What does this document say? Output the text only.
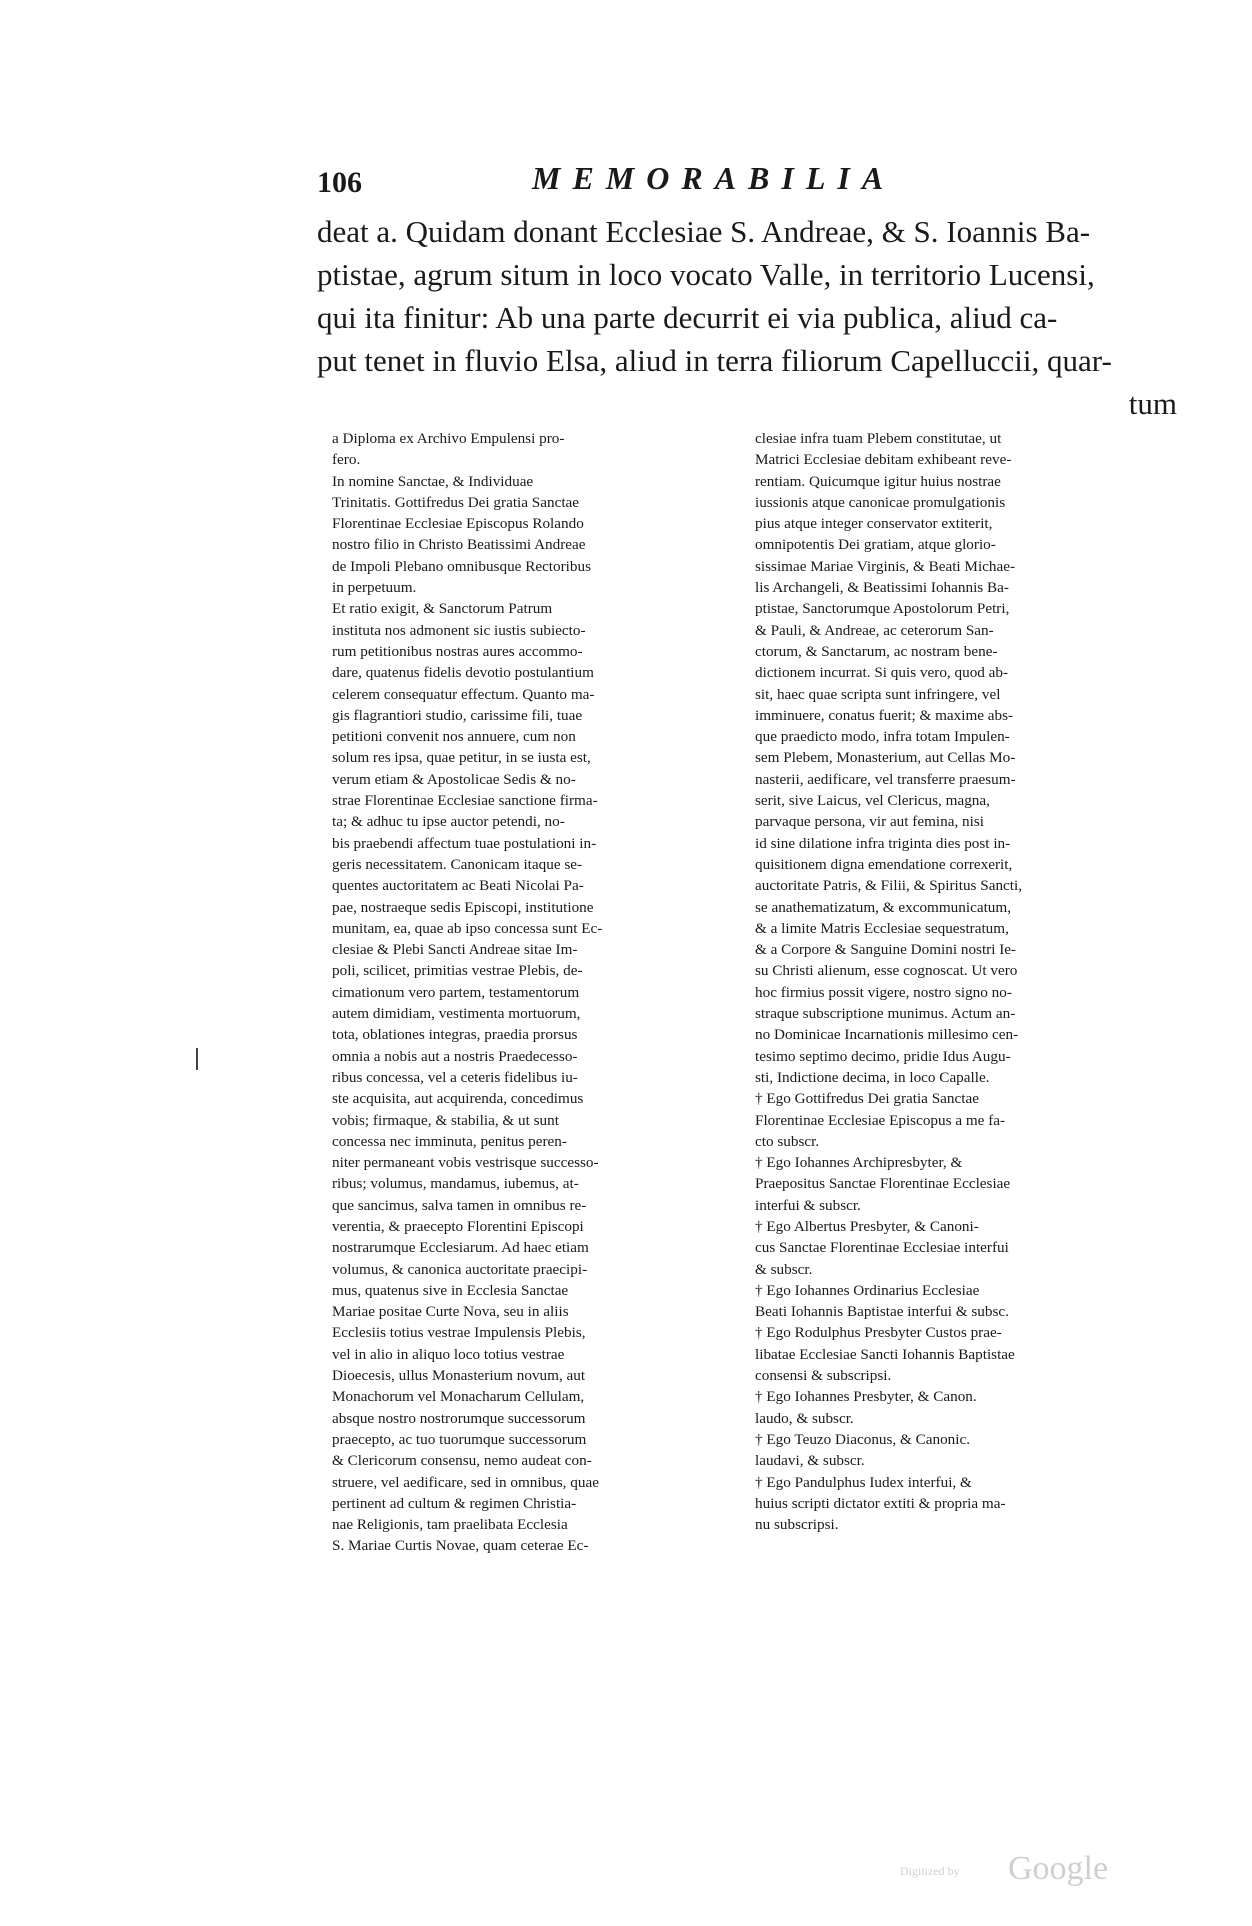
106	MEMORABILIA
deat a. Quidam donant Ecclesiae S. Andreae, & S. Ioannis Ba-
ptistae, agrum situm in loco vocato Valle, in territorio Lucensi,
qui ita finitur: Ab una parte decurrit ei via publica, aliud ca-
put tenet in fluvio Elsa, aliud in terra filiorum Capelluccii, quar-
tum
a Diploma ex Archivo Empulensi pro-
fero.
In nomine Sanctae, & Individuae
Trinitatis. Gottifredus Dei gratia Sanctae
Florentinae Ecclesiae Episcopus Rolando
nostro filio in Christo Beatissimi Andreae
de Impoli Plebano omnibusque Rectoribus
in perpetuum.
Et ratio exigit, & Sanctorum Patrum
instituta nos admonent sic iustis subiecto-
rum petitionibus nostras aures accommo-
dare, quatenus fidelis devotio postulantium
celerem consequatur effectum. Quanto ma-
gis flagrantiori studio, carissime fili, tuae
petitioni convenit nos annuere, cum non
solum res ipsa, quae petitur, in se iusta est,
verum etiam & Apostolicae Sedis & no-
strae Florentinae Ecclesiae sanctione firma-
ta; & adhuc tu ipse auctor petendi, no-
bis praebendi affectum tuae postulationi in-
geris necessitatem. Canonicam itaque se-
quentes auctoritatem ac Beati Nicolai Pa-
pae, nostraeque sedis Episcopi, institutione
munitam, ea, quae ab ipso concessa sunt Ec-
clesiae & Plebi Sancti Andreae sitae Im-
poli, scilicet, primitias vestrae Plebis, de-
cimationum vero partem, testamentorum
autem dimidiam, vestimenta mortuorum,
tota, oblationes integras, praedia prorsus
omnia a nobis aut a nostris Praedecesso-
ribus concessa, vel a ceteris fidelibus iu-
ste acquisita, aut acquirenda, concedimus
vobis; firmaque, & stabilia, & ut sunt
concessa nec imminuta, penitus peren-
niter permaneant vobis vestrisque successo-
ribus; volumus, mandamus, iubemus, at-
que sancimus, salva tamen in omnibus re-
verentia, & praecepto Florentini Episcopi
nostrarumque Ecclesiarum. Ad haec etiam
volumus, & canonica auctoritate praecipi-
mus, quatenus sive in Ecclesia Sanctae
Mariae positae Curte Nova, seu in aliis
Ecclesiis totius vestrae Impulensis Plebis,
vel in alio in aliquo loco totius vestrae
Dioecesis, ullus Monasterium novum, aut
Monachorum vel Monacharum Cellulam,
absque nostro nostrorumque successorum
praecepto, ac tuo tuorumque successorum
& Clericorum consensu, nemo audeat con-
struere, vel aedificare, sed in omnibus, quae
pertinent ad cultum & regimen Christia-
nae Religionis, tam praelibata Ecclesia
S. Mariae Curtis Novae, quam ceterae Ec-
clesiae infra tuam Plebem constitutae, ut
Matrici Ecclesiae debitam exhibeant reve-
rentiam. Quicumque igitur huius nostrae
iussionis atque canonicae promulgationis
pius atque integer conservator extiterit,
omnipotentis Dei gratiam, atque glorio-
sissimae Mariae Virginis, & Beati Michae-
lis Archangeli, & Beatissimi Iohannis Ba-
ptistae, Sanctorumque Apostolorum Petri,
& Pauli, & Andreae, ac ceterorum San-
ctorum, & Sanctarum, ac nostram bene-
dictionem incurrat. Si quis vero, quod ab-
sit, haec quae scripta sunt infringere, vel
imminuere, conatus fuerit; & maxime abs-
que praedicto modo, infra totam Impulen-
sem Plebem, Monasterium, aut Cellas Mo-
nasterii, aedificare, vel transferre praesum-
serit, sive Laicus, vel Clericus, magna,
parvaque persona, vir aut femina, nisi
id sine dilatione infra triginta dies post in-
quisitionem digna emendatione correxerit,
auctoritate Patris, & Filii, & Spiritus Sancti,
se anathematizatum, & excommunicatum,
& a limite Matris Ecclesiae sequestratum,
& a Corpore & Sanguine Domini nostri Ie-
su Christi alienum, esse cognoscat. Ut vero
hoc firmius possit vigere, nostro signo no-
straque subscriptione munimus. Actum an-
no Dominicae Incarnationis millesimo cen-
tesimo septimo decimo, pridie Idus Augu-
sti, Indictione decima, in loco Capalle.
† Ego Gottifredus Dei gratia Sanctae
Florentinae Ecclesiae Episcopus a me fa-
cto subscr.
† Ego Iohannes Archipresbyter, &
Praepositus Sanctae Florentinae Ecclesiae
interfui & subscr.
† Ego Albertus Presbyter, & Canoni-
cus Sanctae Florentinae Ecclesiae interfui
& subscr.
† Ego Iohannes Ordinarius Ecclesiae
Beati Iohannis Baptistae interfui & subsc.
† Ego Rodulphus Presbyter Custos prae-
libatae Ecclesiae Sancti Iohannis Baptistae
consensi & subscripsi.
† Ego Iohannes Presbyter, & Canon.
laudo, & subscr.
† Ego Teuzo Diaconus, & Canonic.
laudavi, & subscr.
† Ego Pandulphus Iudex interfui, &
huius scripti dictator extiti & propria ma-
nu subscripsi.
Digitized by Google
